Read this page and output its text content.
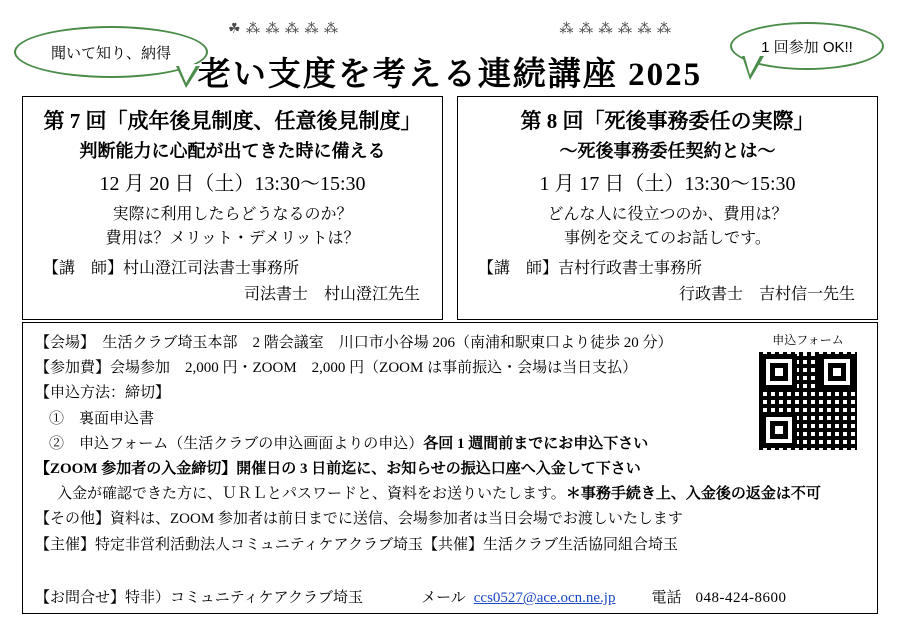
☘ ⁂ ⁂ ⁂ ⁂ ⁂	⁂ ⁂ ⁂ ⁂ ⁂ ⁂
聞いて知り、納得	1 回参加 OK!!
老い支度を考える連続講座 2025
第 7 回「成年後見制度、任意後見制度」
判断能力に心配が出てきた時に備える
12 月 20 日（土）13:30〜15:30
実際に利用したらどうなるのか？
費用は？メリット・デメリットは？
【講　師】村山澄江司法書士事務所
司法書士　村山澄江先生
第 8 回「死後事務委任の実際」
〜死後事務委任契約とは〜
1 月 17 日（土）13:30〜15:30
どんな人に役立つのか、費用は？
事例を交えてのお話しです。
【講　師】吉村行政書士事務所
行政書士　吉村信一先生
【会場】　生活クラブ埼玉本部　2 階会議室　川口市小谷場 206（南浦和駅東口より徒歩 20 分）
【参加費】会場参加　2,000 円・ZOOM　2,000 円（ZOOM は事前振込・会場は当日支払）
【申込方法：締切】
①　裏面申込書
②　申込フォーム（生活クラブの申込画面よりの申込）各回 1 週間前までにお申込下さい
【ZOOM 参加者の入金締切】開催日の 3 日前迄に、お知らせの振込口座へ入金して下さい
入金が確認できた方に、ＵＲＬとパスワードと、資料をお送りいたします。＊事務手続き上、入金後の返金は不可
【その他】資料は、ZOOM 参加者は前日までに送信、会場参加者は当日会場でお渡しいたします
【主催】特定非営利活動法人コミュニティケアクラブ埼玉【共催】生活クラブ生活協同組合埼玉
申込フォーム
【お問合せ】特非）コミュニティケアクラブ埼玉	メール ccs0527@ace.ocn.ne.jp 電話 048-424-8600
